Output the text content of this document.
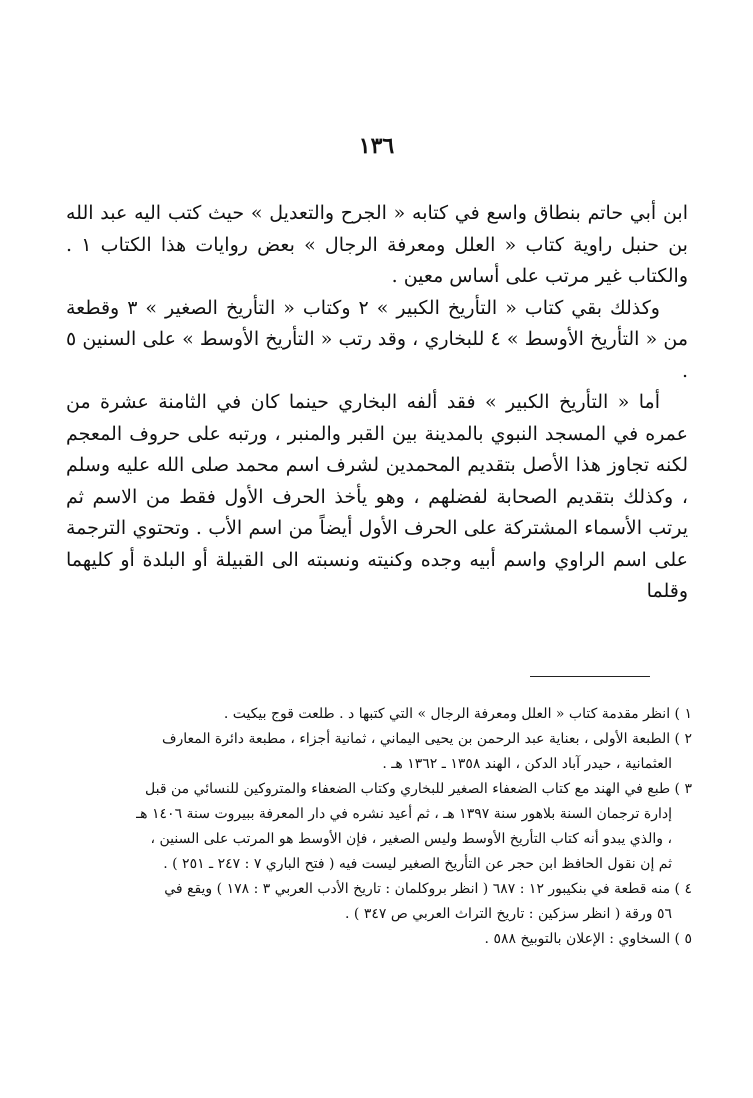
١٣٦

ابن أبي حاتم بنطاق واسع في كتابه « الجرح والتعديل » حيث كتب اليه عبد الله بن حنبل راوية كتاب « العلل ومعرفة الرجال » بعض روايات هذا الكتاب ١ . والكتاب غير مرتب على أساس معين .

وكذلك بقي كتاب « التأريخ الكبير » ٢ وكتاب « التأريخ الصغير » ٣ وقطعة من « التأريخ الأوسط » ٤ للبخاري ، وقد رتب « التأريخ الأوسط » على السنين ٥ .

أما « التأريخ الكبير » فقد ألفه البخاري حينما كان في الثامنة عشرة من عمره في المسجد النبوي بالمدينة بين القبر والمنبر ، ورتبه على حروف المعجم لكنه تجاوز هذا الأصل بتقديم المحمدين لشرف اسم محمد صلى الله عليه وسلم ، وكذلك بتقديم الصحابة لفضلهم ، وهو يأخذ الحرف الأول فقط من الاسم ثم يرتب الأسماء المشتركة على الحرف الأول أيضاً من اسم الأب . وتحتوي الترجمة على اسم الراوي واسم أبيه وجده وكنيته ونسبته الى القبيلة أو البلدة أو كليهما وقلما

١ ) انظر مقدمة كتاب « العلل ومعرفة الرجال » التي كتبها د . طلعت قوج بيكيت .

٢ ) الطبعة الأولى ، بعناية عبد الرحمن بن يحيى اليماني ، ثمانية أجزاء ، مطبعة دائرة المعارف

العثمانية ، حيدر آباد الدكن ، الهند ١٣٥٨ ـ ١٣٦٢ هـ .

٣ ) طبع في الهند مع كتاب الضعفاء الصغير للبخاري وكتاب الضعفاء والمتروكين للنسائي من قبل

إدارة ترجمان السنة بلاهور سنة ١٣٩٧ هـ ، ثم أعيد نشره في دار المعرفة ببيروت سنة ١٤٠٦ هـ

، والذي يبدو أنه كتاب التأريخ الأوسط وليس الصغير ، فإن الأوسط هو المرتب على السنين ،

ثم إن نقول الحافظ ابن حجر عن التأريخ الصغير ليست فيه ( فتح الباري ٧ : ٢٤٧ ـ ٢٥١ ) .

٤ ) منه قطعة في بنكيبور ١٢ : ٦٨٧ ( انظر بروكلمان : تاريخ الأدب العربي ٣ : ١٧٨ ) ويقع في

٥٦ ورقة ( انظر سزكين : تاريخ التراث العربي ص ٣٤٧ ) .

٥ ) السخاوي : الإعلان بالتوبيخ ٥٨٨ .
